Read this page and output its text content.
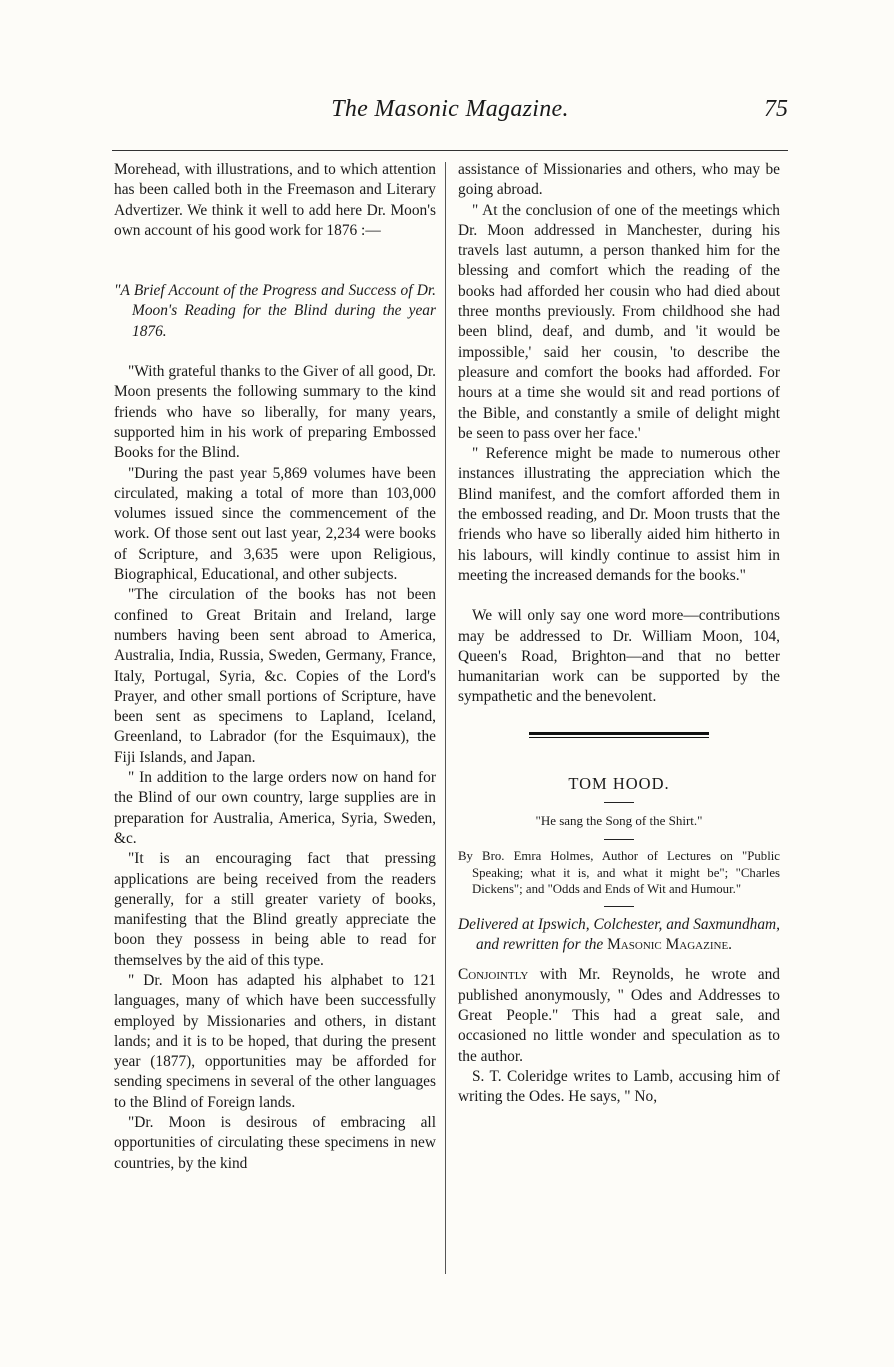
The Masonic Magazine.	75

Morehead, with illustrations, and to which attention has been called both in the Freemason and Literary Advertizer. We think it well to add here Dr. Moon's own account of his good work for 1876 :—

"A Brief Account of the Progress and Success of Dr. Moon's Reading for the Blind during the year 1876.

"With grateful thanks to the Giver of all good, Dr. Moon presents the following summary to the kind friends who have so liberally, for many years, supported him in his work of preparing Embossed Books for the Blind.

"During the past year 5,869 volumes have been circulated, making a total of more than 103,000 volumes issued since the commencement of the work. Of those sent out last year, 2,234 were books of Scripture, and 3,635 were upon Religious, Biographical, Educational, and other subjects.

"The circulation of the books has not been confined to Great Britain and Ireland, large numbers having been sent abroad to America, Australia, India, Russia, Sweden, Germany, France, Italy, Portugal, Syria, &c. Copies of the Lord's Prayer, and other small portions of Scripture, have been sent as specimens to Lapland, Iceland, Greenland, to Labrador (for the Esquimaux), the Fiji Islands, and Japan.

" In addition to the large orders now on hand for the Blind of our own country, large supplies are in preparation for Australia, America, Syria, Sweden, &c.

"It is an encouraging fact that pressing applications are being received from the readers generally, for a still greater variety of books, manifesting that the Blind greatly appreciate the boon they possess in being able to read for themselves by the aid of this type.

" Dr. Moon has adapted his alphabet to 121 languages, many of which have been successfully employed by Missionaries and others, in distant lands; and it is to be hoped, that during the present year (1877), opportunities may be afforded for sending specimens in several of the other languages to the Blind of Foreign lands.

"Dr. Moon is desirous of embracing all opportunities of circulating these specimens in new countries, by the kind

assistance of Missionaries and others, who may be going abroad.

" At the conclusion of one of the meetings which Dr. Moon addressed in Manchester, during his travels last autumn, a person thanked him for the blessing and comfort which the reading of the books had afforded her cousin who had died about three months previously. From childhood she had been blind, deaf, and dumb, and 'it would be impossible,' said her cousin, 'to describe the pleasure and comfort the books had afforded. For hours at a time she would sit and read portions of the Bible, and constantly a smile of delight might be seen to pass over her face.'

" Reference might be made to numerous other instances illustrating the appreciation which the Blind manifest, and the comfort afforded them in the embossed reading, and Dr. Moon trusts that the friends who have so liberally aided him hitherto in his labours, will kindly continue to assist him in meeting the increased demands for the books."

We will only say one word more—contributions may be addressed to Dr. William Moon, 104, Queen's Road, Brighton—and that no better humanitarian work can be supported by the sympathetic and the benevolent.

TOM HOOD.
"He sang the Song of the Shirt."

By Bro. Emra Holmes, Author of Lectures on "Public Speaking; what it is, and what it might be"; "Charles Dickens"; and "Odds and Ends of Wit and Humour."

Delivered at Ipswich, Colchester, and Saxmundham, and rewritten for the Masonic Magazine.

Conjointly with Mr. Reynolds, he wrote and published anonymously, " Odes and Addresses to Great People." This had a great sale, and occasioned no little wonder and speculation as to the author.

S. T. Coleridge writes to Lamb, accusing him of writing the Odes. He says, " No,
